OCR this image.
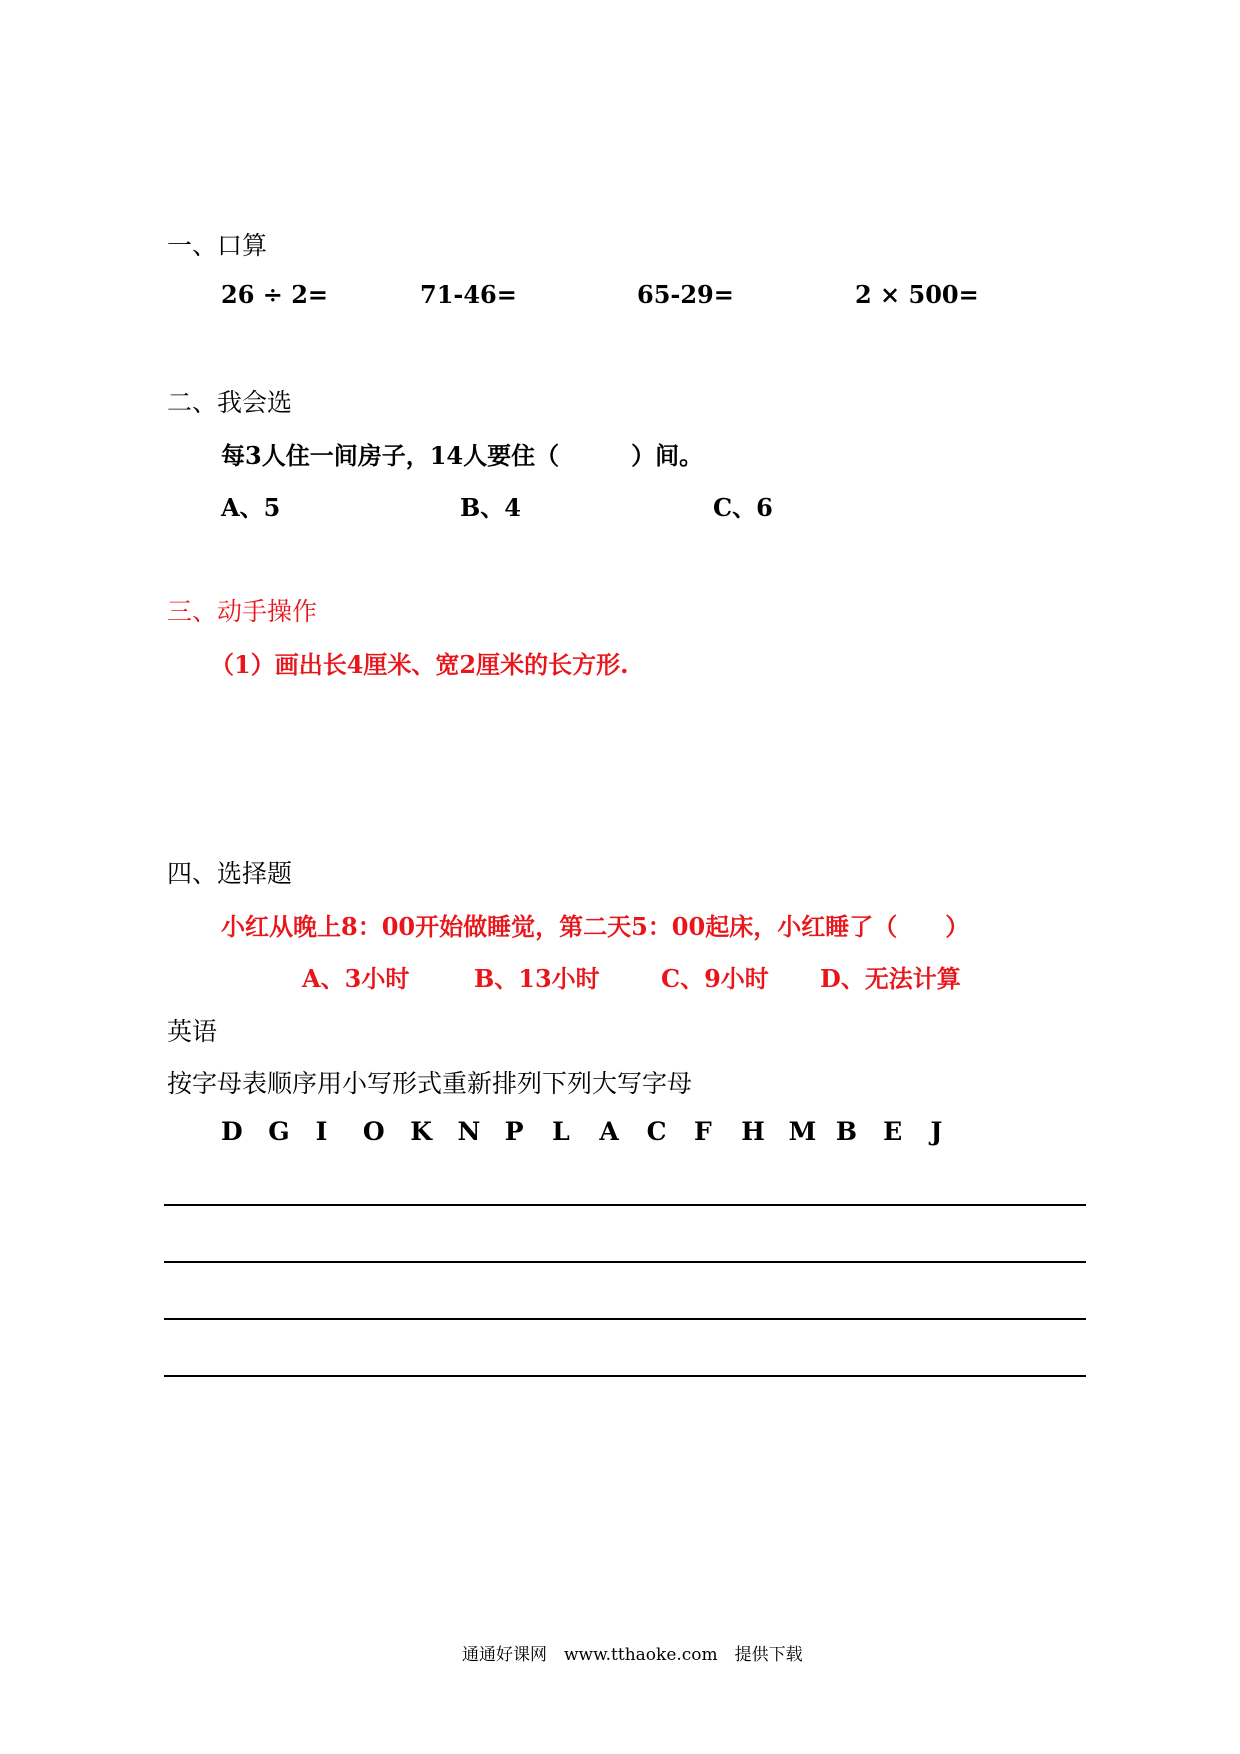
一、口算
26 ÷ 2=	71-46=	65-29=	2 × 500=
二、我会选
每3人住一间房子，14人要住（　　　）间。
A、5	B、4	C、6
三、动手操作
（1）画出长4厘米、宽2厘米的长方形.
四、选择题
小红从晚上8：00开始做睡觉，第二天5：00起床，小红睡了（　　）
A、3小时	B、13小时	C、9小时 D、无法计算
英语
按字母表顺序用小写形式重新排列下列大写字母
D	G	I	O	K	N P	L	A	C	F	H M B	E	J
通通好课网　www.tthaoke.com　提供下载
